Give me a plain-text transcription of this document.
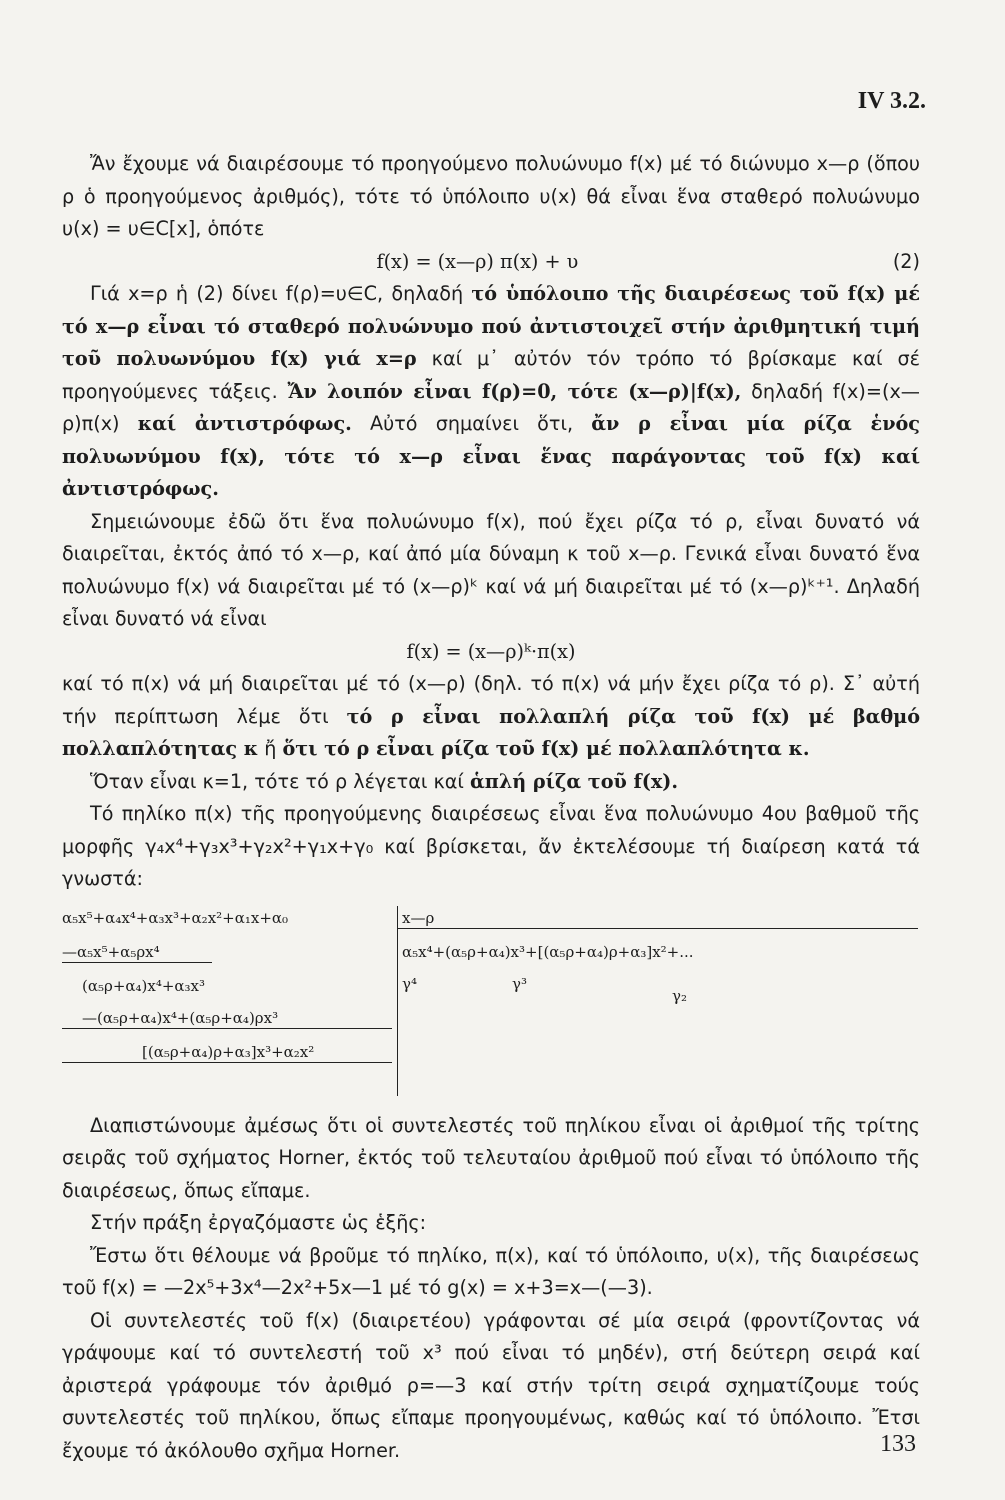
IV 3.2.

Ἄν ἔχουμε νά διαιρέσουμε τό προηγούμενο πολυώνυμο f(x) μέ τό διώνυμο x—ρ (ὅπου ρ ὁ προηγούμενος ἀριθμός), τότε τό ὑπόλοιπο υ(x) θά εἶναι ἕνα σταθερό πολυώνυμο υ(x) = υ∈C[x], ὁπότε

f(x) = (x—ρ) π(x) + υ	(2)

Γιά x=ρ ἡ (2) δίνει f(ρ)=υ∈C, δηλαδή τό ὑπόλοιπο τῆς διαιρέσεως τοῦ f(x) μέ τό x—ρ εἶναι τό σταθερό πολυώνυμο πού ἀντιστοιχεῖ στήν ἀριθμητική τιμή τοῦ πολυωνύμου f(x) γιά x=ρ καί μ᾽ αὐτόν τόν τρόπο τό βρίσκαμε καί σέ προηγούμενες τάξεις. Ἄν λοιπόν εἶναι f(ρ)=0, τότε (x—ρ)|f(x), δηλαδή f(x)=(x—ρ)π(x) καί ἀντιστρόφως. Αὐτό σημαίνει ὅτι, ἄν ρ εἶναι μία ρίζα ἑνός πολυωνύμου f(x), τότε τό x—ρ εἶναι ἕνας παράγοντας τοῦ f(x) καί ἀντιστρόφως.

Σημειώνουμε ἐδῶ ὅτι ἕνα πολυώνυμο f(x), πού ἔχει ρίζα τό ρ, εἶναι δυνατό νά διαιρεῖται, ἐκτός ἀπό τό x—ρ, καί ἀπό μία δύναμη κ τοῦ x—ρ. Γενικά εἶναι δυνατό ἕνα πολυώνυμο f(x) νά διαιρεῖται μέ τό (x—ρ)ᵏ καί νά μή διαιρεῖται μέ τό (x—ρ)ᵏ⁺¹. Δηλαδή εἶναι δυνατό νά εἶναι

f(x) = (x—ρ)ᵏ·π(x)

καί τό π(x) νά μή διαιρεῖται μέ τό (x—ρ) (δηλ. τό π(x) νά μήν ἔχει ρίζα τό ρ). Σ᾽ αὐτή τήν περίπτωση λέμε ὅτι τό ρ εἶναι πολλαπλή ρίζα τοῦ f(x) μέ βαθμό πολλαπλότητας κ ἤ ὅτι τό ρ εἶναι ρίζα τοῦ f(x) μέ πολλαπλότητα κ.

Ὅταν εἶναι κ=1, τότε τό ρ λέγεται καί ἁπλή ρίζα τοῦ f(x).

Τό πηλίκο π(x) τῆς προηγούμενης διαιρέσεως εἶναι ἕνα πολυώνυμο 4ου βαθμοῦ τῆς μορφῆς γ₄x⁴+γ₃x³+γ₂x²+γ₁x+γ₀ καί βρίσκεται, ἄν ἐκτελέσουμε τή διαίρεση κατά τά γνωστά:

α₅x⁵+α₄x⁴+α₃x³+α₂x²+α₁x+α₀	x—ρ
—α₅x⁵+α₅ρx⁴	α₅x⁴+(α₅ρ+α₄)x³+[(α₅ρ+α₄)ρ+α₃]x²+...
(α₅ρ+α₄)x⁴+α₃x³	γ⁴	γ³
γ₂
—(α₅ρ+α₄)x⁴+(α₅ρ+α₄)ρx³
[(α₅ρ+α₄)ρ+α₃]x³+α₂x²

Διαπιστώνουμε ἀμέσως ὅτι οἱ συντελεστές τοῦ πηλίκου εἶναι οἱ ἀριθμοί τῆς τρίτης σειρᾶς τοῦ σχήματος Horner, ἐκτός τοῦ τελευταίου ἀριθμοῦ πού εἶναι τό ὑπόλοιπο τῆς διαιρέσεως, ὅπως εἴπαμε.

Στήν πράξη ἐργαζόμαστε ὡς ἑξῆς:

Ἔστω ὅτι θέλουμε νά βροῦμε τό πηλίκο, π(x), καί τό ὑπόλοιπο, υ(x), τῆς διαιρέσεως τοῦ f(x) = —2x⁵+3x⁴—2x²+5x—1 μέ τό g(x) = x+3=x—(—3).

Οἱ συντελεστές τοῦ f(x) (διαιρετέου) γράφονται σέ μία σειρά (φροντίζοντας νά γράψουμε καί τό συντελεστή τοῦ x³ πού εἶναι τό μηδέν), στή δεύτερη σειρά καί ἀριστερά γράφουμε τόν ἀριθμό ρ=—3 καί στήν τρίτη σειρά σχηματίζουμε τούς συντελεστές τοῦ πηλίκου, ὅπως εἴπαμε προηγουμένως, καθώς καί τό ὑπόλοιπο. Ἔτσι ἔχουμε τό ἀκόλουθο σχῆμα Horner.	133
